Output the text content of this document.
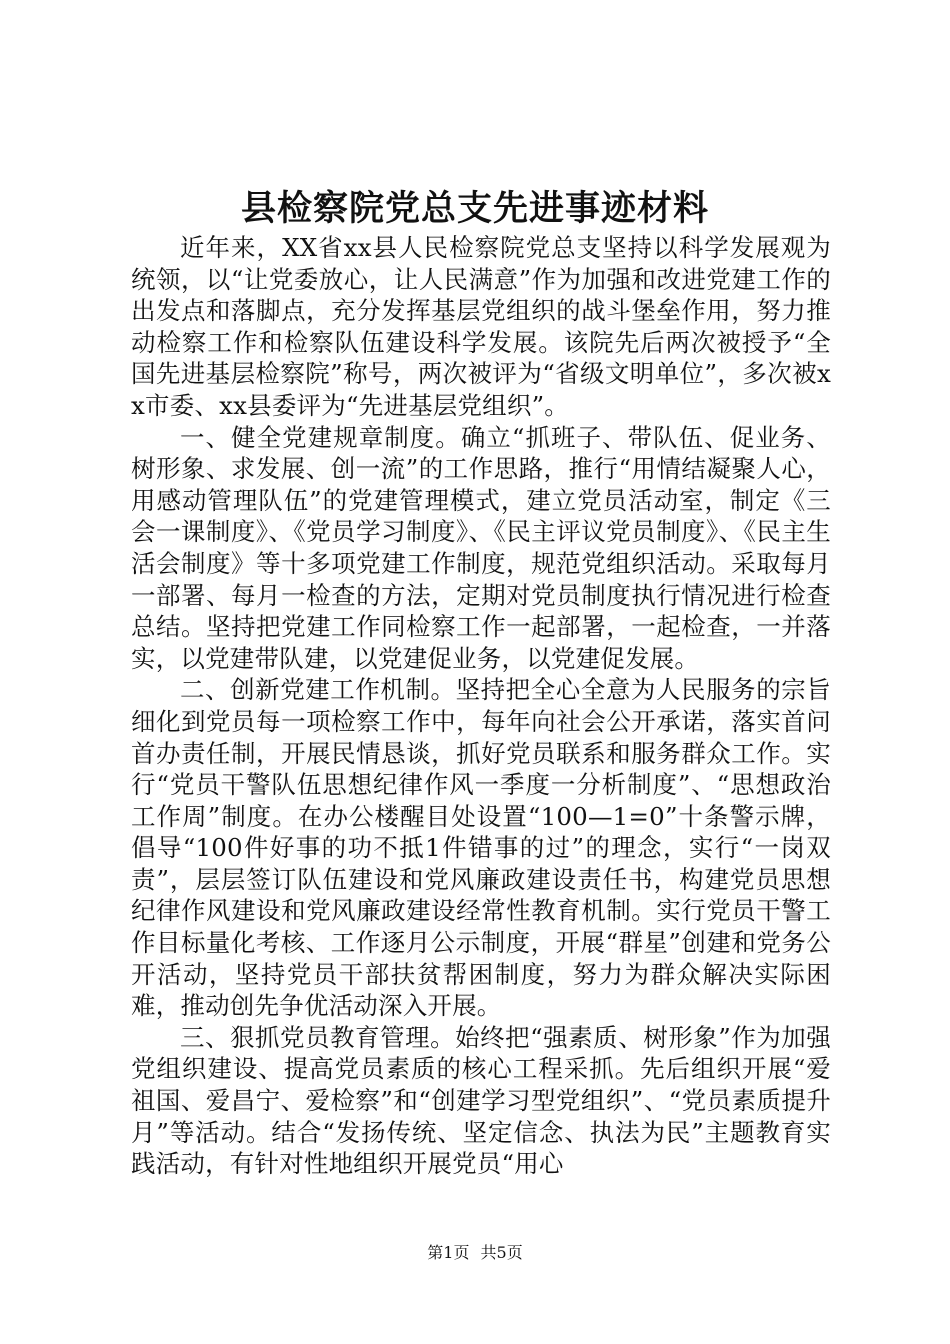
县检察院党总支先进事迹材料

近年来，XX省xx县人民检察院党总支坚持以科学发展观为统领，以“让党委放心，让人民满意”作为加强和改进党建工作的出发点和落脚点，充分发挥基层党组织的战斗堡垒作用，努力推动检察工作和检察队伍建设科学发展。该院先后两次被授予“全国先进基层检察院”称号，两次被评为“省级文明单位”，多次被xx市委、xx县委评为“先进基层党组织”。

一、健全党建规章制度。确立“抓班子、带队伍、促业务、树形象、求发展、创一流”的工作思路，推行“用情结凝聚人心，用感动管理队伍”的党建管理模式，建立党员活动室，制定《三会一课制度》、《党员学习制度》、《民主评议党员制度》、《民主生活会制度》等十多项党建工作制度，规范党组织活动。采取每月一部署、每月一检查的方法，定期对党员制度执行情况进行检查总结。坚持把党建工作同检察工作一起部署，一起检查，一并落实，以党建带队建，以党建促业务，以党建促发展。

二、创新党建工作机制。坚持把全心全意为人民服务的宗旨细化到党员每一项检察工作中，每年向社会公开承诺，落实首问首办责任制，开展民情恳谈，抓好党员联系和服务群众工作。实行“党员干警队伍思想纪律作风一季度一分析制度”、“思想政治工作周”制度。在办公楼醒目处设置“100—1=0”十条警示牌，倡导“100件好事的功不抵1件错事的过”的理念，实行“一岗双责”，层层签订队伍建设和党风廉政建设责任书，构建党员思想纪律作风建设和党风廉政建设经常性教育机制。实行党员干警工作目标量化考核、工作逐月公示制度，开展“群星”创建和党务公开活动，坚持党员干部扶贫帮困制度，努力为群众解决实际困难，推动创先争优活动深入开展。

三、狠抓党员教育管理。始终把“强素质、树形象”作为加强党组织建设、提高党员素质的核心工程采抓。先后组织开展“爱祖国、爱昌宁、爱检察”和“创建学习型党组织”、“党员素质提升月”等活动。结合“发扬传统、坚定信念、执法为民”主题教育实践活动，有针对性地组织开展党员“用心

第1页 共5页
